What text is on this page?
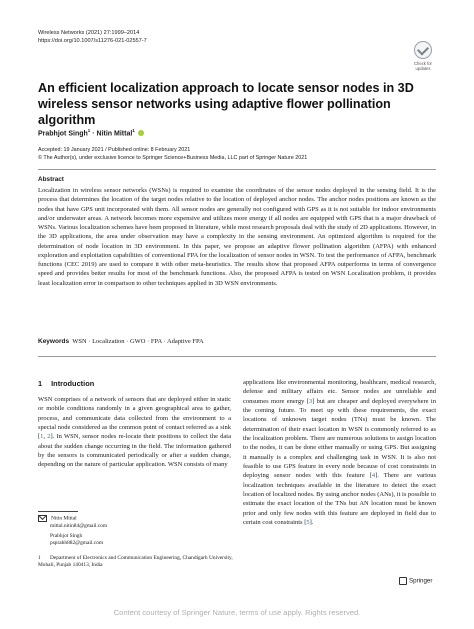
Wireless Networks (2021) 27:1999–2014
https://doi.org/10.1007/s11276-021-02557-7
Check for
updates
An efficient localization approach to locate sensor nodes in 3D wireless sensor networks using adaptive flower pollination algorithm
Prabhjot Singh$^1$ · Nitin Mittal$^1$
Accepted: 19 January 2021 / Published online: 8 February 2021
© The Author(s), under exclusive licence to Springer Science+Business Media, LLC part of Springer Nature 2021
Abstract
Localization in wireless sensor networks (WSNs) is required to examine the coordinates of the sensor nodes deployed in the sensing field. It is the process that determines the location of the target nodes relative to the location of deployed anchor nodes. The anchor nodes positions are known as the nodes that have GPS unit incorporated with them. All sensor nodes are generally not configured with GPS as it is not suitable for indoor environments and/or underwater areas. A network becomes more expensive and utilizes more energy if all nodes are equipped with GPS that is a major drawback of WSNs. Various localization schemes have been proposed in literature, while most research proposals deal with the study of 2D applications. However, in the 3D applications, the area under observation may have a complexity in the sensing environment. An optimized algorithm is required for the determination of node location in 3D environment. In this paper, we propose an adaptive flower pollination algorithm (AFPA) with enhanced exploration and exploitation capabilities of conventional FPA for the localization of sensor nodes in WSN. To test the performance of AFPA, benchmark functions (CEC 2019) are used to compare it with other meta-heuristics. The results show that proposed AFPA outperforms in terms of convergence speed and provides better results for most of the benchmark functions. Also, the proposed AFPA is tested on WSN Localization problem, it provides least localization error in comparison to other techniques applied in 3D WSN environments.
Keywords WSN · Localization · GWO · FPA · Adaptive FPA
1 Introduction
WSN comprises of a network of sensors that are deployed either in static or mobile conditions randomly in a given geographical area to gather, process, and communicate data collected from the environment to a special node considered as the common point of contact referred as a sink [1, 2]. In WSN, sensor nodes re-locate their positions to collect the data about the sudden change occurring in the field. The information gathered by the sensors is communicated periodically or after a sudden change, depending on the nature of particular application. WSN consists of many
applications like environmental monitoring, healthcare, medical research, defense and military affairs etc. Sensor nodes are unreliable and consumes more energy [3] but are cheaper and deployed everywhere in the coming future. To meet up with these requirements, the exact locations of unknown target nodes (TNs) must be known. The determination of their exact location in WSN is commonly referred to as the localization problem. There are numerous solutions to assign location to the nodes, it can be done either manually or using GPS. But assigning it manually is a complex and challenging task in WSN. It is also not feasible to use GPS feature in every node because of cost constraints in deploying sensor nodes with this feature [4]. There are various localization techniques available in the literature to detect the exact location of localized nodes. By using anchor nodes (ANs), it is possible to estimate the exact location of the TNs but AN location must be known prior and only few nodes with this feature are deployed in field due to certain cost constraints [5].
Nitin Mittal
mittal.nitin84@gmail.com
Prabhjot Singh
psprabh882@gmail.com
1 Department of Electronics and Communication Engineering, Chandigarh University, Mohali, Punjab 140413, India
Springer
Content courtesy of Springer Nature, terms of use apply. Rights reserved.
